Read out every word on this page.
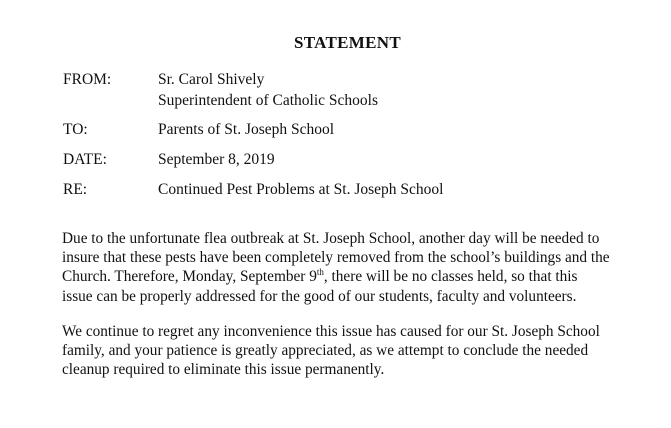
STATEMENT
FROM:	Sr. Carol Shively
Superintendent of Catholic Schools
TO:	Parents of St. Joseph School
DATE:	September 8, 2019
RE:	Continued Pest Problems at St. Joseph School
Due to the unfortunate flea outbreak at St. Joseph School, another day will be needed to
insure that these pests have been completely removed from the school’s buildings and the
Church. Therefore, Monday, September 9th, there will be no classes held, so that this
issue can be properly addressed for the good of our students, faculty and volunteers.
We continue to regret any inconvenience this issue has caused for our St. Joseph School
family, and your patience is greatly appreciated, as we attempt to conclude the needed
cleanup required to eliminate this issue permanently.
